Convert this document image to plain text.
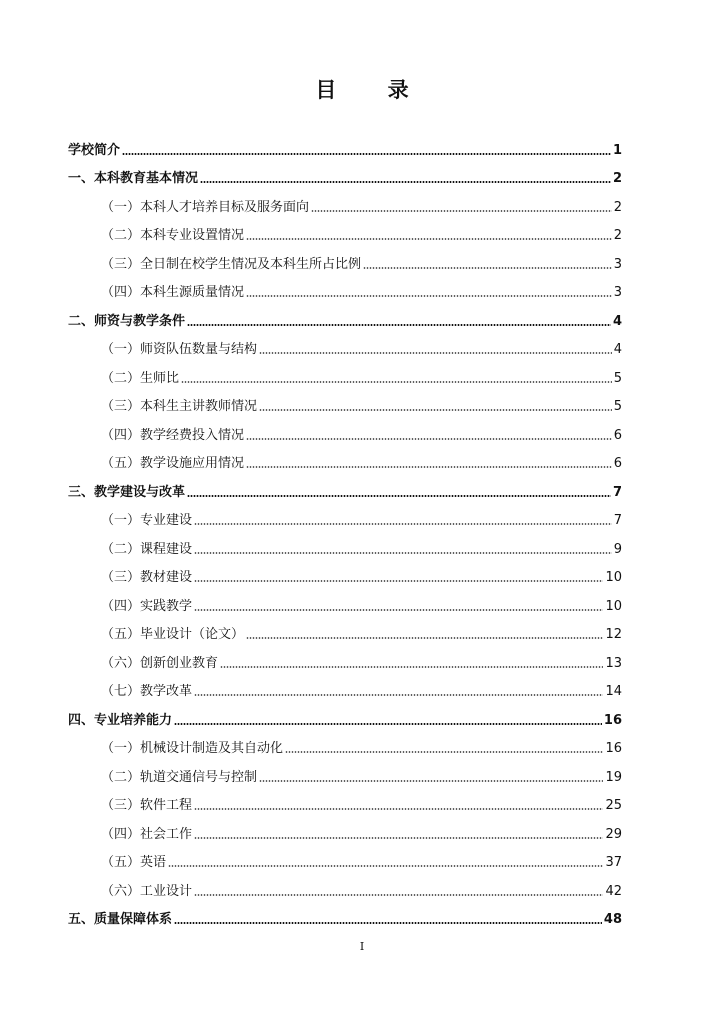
目 录
学校简介	1
一、本科教育基本情况	2
（一）本科人才培养目标及服务面向	2
（二）本科专业设置情况	2
（三）全日制在校学生情况及本科生所占比例	3
（四）本科生源质量情况	3
二、师资与教学条件	4
（一）师资队伍数量与结构	4
（二）生师比	5
（三）本科生主讲教师情况	5
（四）教学经费投入情况	6
（五）教学设施应用情况	6
三、教学建设与改革	7
（一）专业建设	7
（二）课程建设	9
（三）教材建设	10
（四）实践教学	10
（五）毕业设计（论文）	12
（六）创新创业教育	13
（七）教学改革	14
四、专业培养能力	16
（一）机械设计制造及其自动化	16
（二）轨道交通信号与控制	19
（三）软件工程	25
（四）社会工作	29
（五）英语	37
（六）工业设计	42
五、质量保障体系	48
I
